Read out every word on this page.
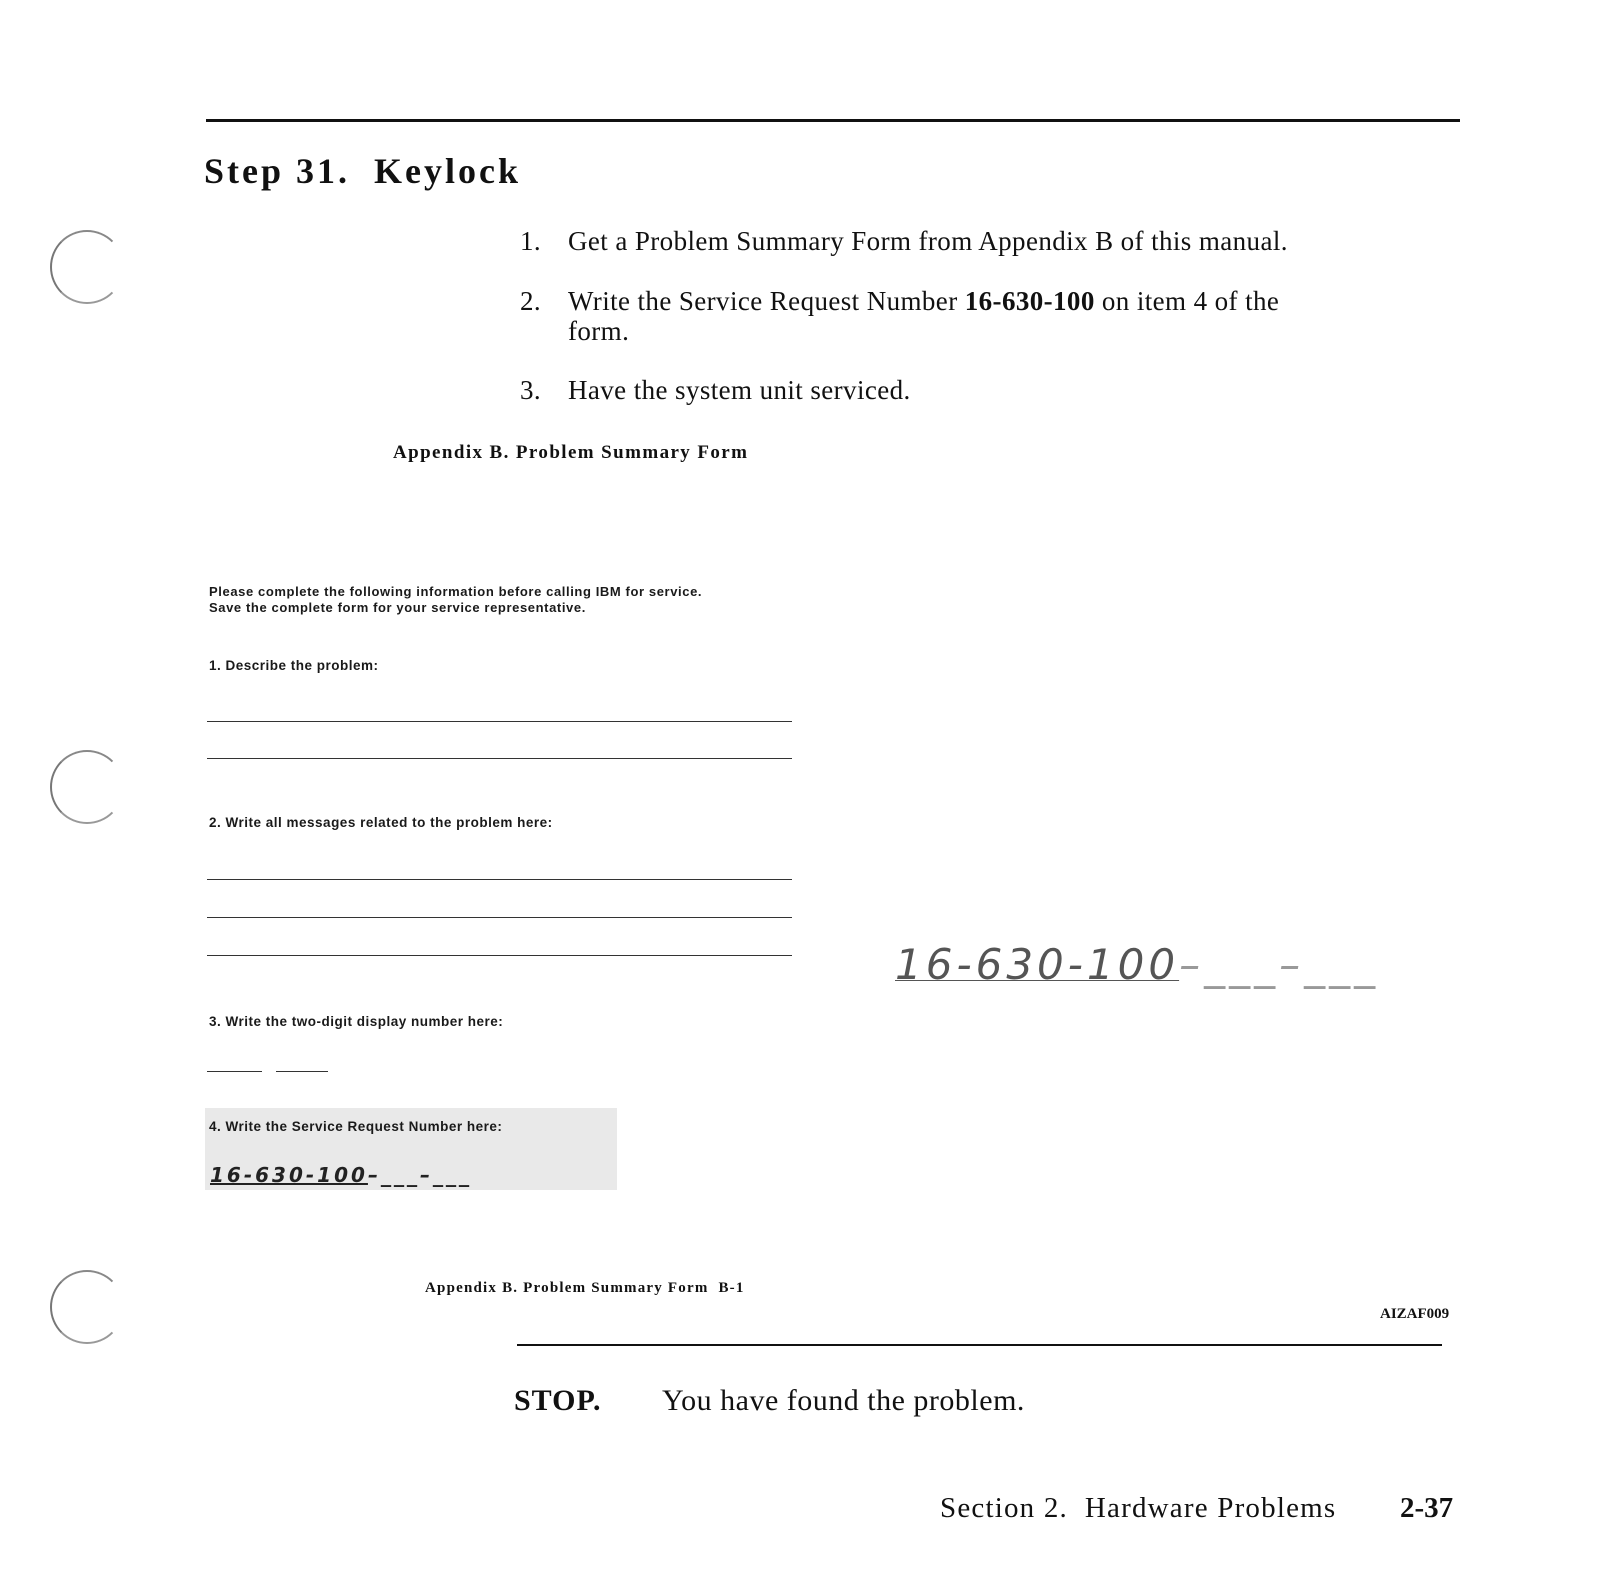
Step 31.  Keylock
1. Get a Problem Summary Form from Appendix B of this manual.
2. Write the Service Request Number 16-630-100 on item 4 of the
form.
3. Have the system unit serviced.
Appendix B. Problem Summary Form
Please complete the following information before calling IBM for service.
Save the complete form for your service representative.
1. Describe the problem:
2. Write all messages related to the problem here:
3. Write the two-digit display number here:
4. Write the Service Request Number here:
16-630-100–___–___
16-630-100–___–___
Appendix B. Problem Summary Form  B-1
AIZAF009
STOP. You have found the problem.
Section 2.  Hardware Problems 2-37
